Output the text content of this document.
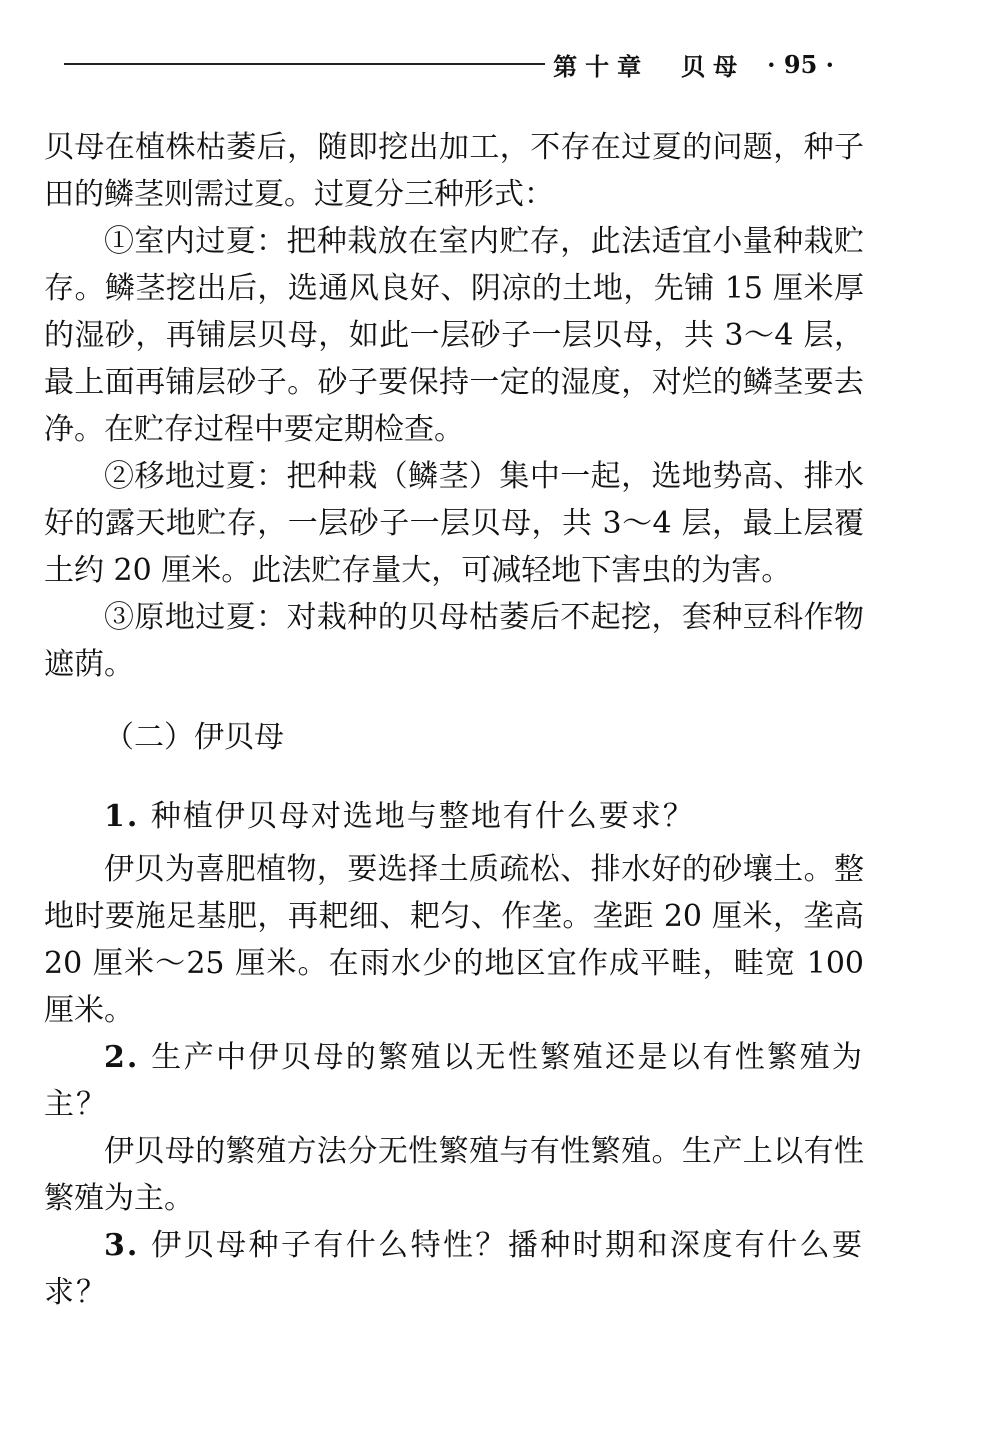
第十章　贝母 · 95 ·

贝母在植株枯萎后，随即挖出加工，不存在过夏的问题，种子田的鳞茎则需过夏。过夏分三种形式：

①室内过夏：把种栽放在室内贮存，此法适宜小量种栽贮存。鳞茎挖出后，选通风良好、阴凉的土地，先铺 15 厘米厚的湿砂，再铺层贝母，如此一层砂子一层贝母，共 3～4 层，最上面再铺层砂子。砂子要保持一定的湿度，对烂的鳞茎要去净。在贮存过程中要定期检查。

②移地过夏：把种栽（鳞茎）集中一起，选地势高、排水好的露天地贮存，一层砂子一层贝母，共 3～4 层，最上层覆土约 20 厘米。此法贮存量大，可减轻地下害虫的为害。

③原地过夏：对栽种的贝母枯萎后不起挖，套种豆科作物遮荫。

（二）伊贝母

1. 种植伊贝母对选地与整地有什么要求？

伊贝为喜肥植物，要选择土质疏松、排水好的砂壤土。整地时要施足基肥，再耙细、耙匀、作垄。垄距 20 厘米，垄高 20 厘米～25 厘米。在雨水少的地区宜作成平畦，畦宽 100 厘米。

2. 生产中伊贝母的繁殖以无性繁殖还是以有性繁殖为主？

伊贝母的繁殖方法分无性繁殖与有性繁殖。生产上以有性繁殖为主。

3. 伊贝母种子有什么特性？播种时期和深度有什么要求？
